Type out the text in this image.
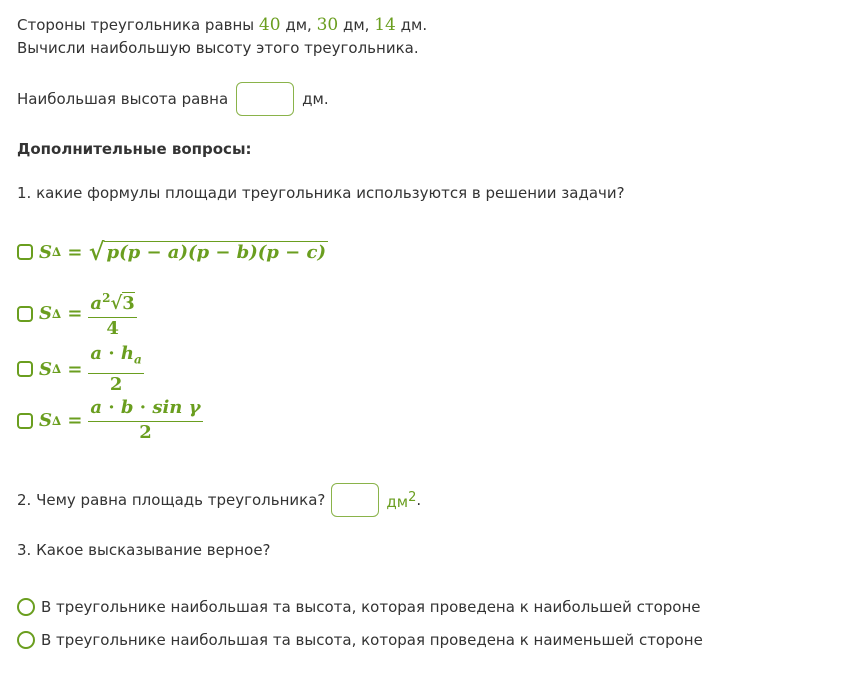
Стороны треугольника равны 40 дм, 30 дм, 14 дм.
Вычисли наибольшую высоту этого треугольника.
Наибольшая высота равна	дм.
Дополнительные вопросы:
1. какие формулы площади треугольника используются в решении задачи?
S ∆
=
√ p(p − a)(p − b)(p − c)
S ∆
= $\frac{a^2√3}{4}$
S ∆
= $\frac{a \cdot h_a}{2}$
S ∆
= $\frac{\text{a · b · sin γ}}{2}$
2. Чему равна площадь треугольника?	$дм^2$ .
3. Какое высказывание верное?
В треугольнике наибольшая та высота, которая проведена к наибольшей стороне
В треугольнике наибольшая та высота, которая проведена к наименьшей стороне
